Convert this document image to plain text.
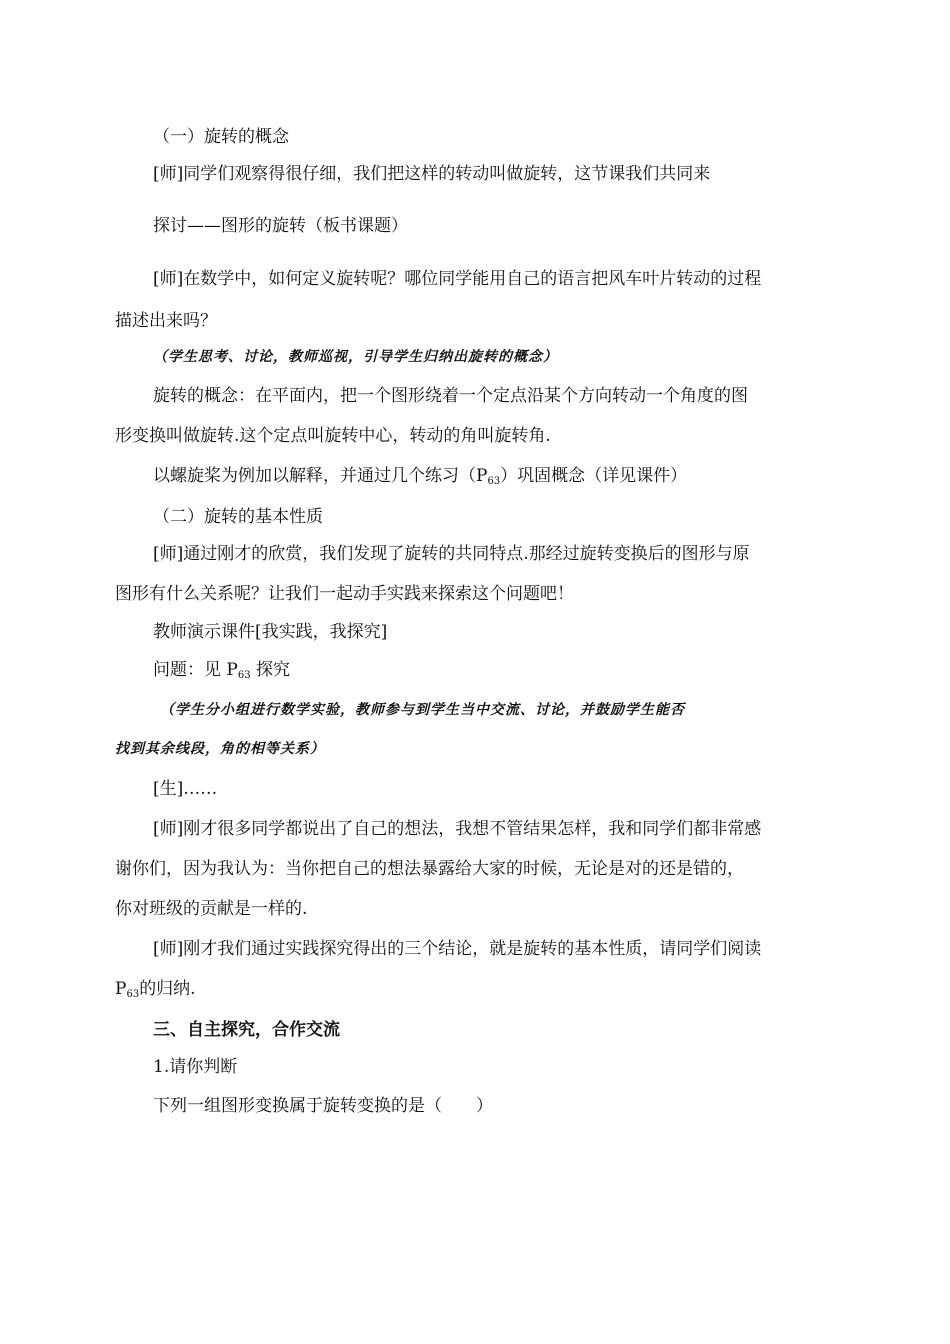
（一）旋转的概念
[师]同学们观察得很仔细，我们把这样的转动叫做旋转，这节课我们共同来
探讨——图形的旋转（板书课题）
[师]在数学中，如何定义旋转呢？哪位同学能用自己的语言把风车叶片转动的过程
描述出来吗？
（学生思考、讨论，教师巡视，引导学生归纳出旋转的概念）
旋转的概念：在平面内，把一个图形绕着一个定点沿某个方向转动一个角度的图
形变换叫做旋转.这个定点叫旋转中心，转动的角叫旋转角.
以螺旋桨为例加以解释，并通过几个练习$(P_{63})$巩固概念（详见课件）
（二）旋转的基本性质
[师]通过刚才的欣赏，我们发现了旋转的共同特点.那经过旋转变换后的图形与原
图形有什么关系呢？让我们一起动手实践来探索这个问题吧！
教师演示课件[我实践，我探究]
问题：见 $P_{63}$ 探究
（学生分小组进行数学实验，教师参与到学生当中交流、讨论，并鼓励学生能否
找到其余线段，角的相等关系）
[生]……
[师]刚才很多同学都说出了自己的想法，我想不管结果怎样，我和同学们都非常感
谢你们，因为我认为：当你把自己的想法暴露给大家的时候，无论是对的还是错的，
你对班级的贡献是一样的.
[师]刚才我们通过实践探究得出的三个结论，就是旋转的基本性质，请同学们阅读
$P_{63}$的归纳.
三、自主探究，合作交流
1.请你判断
下列一组图形变换属于旋转变换的是（　　）
